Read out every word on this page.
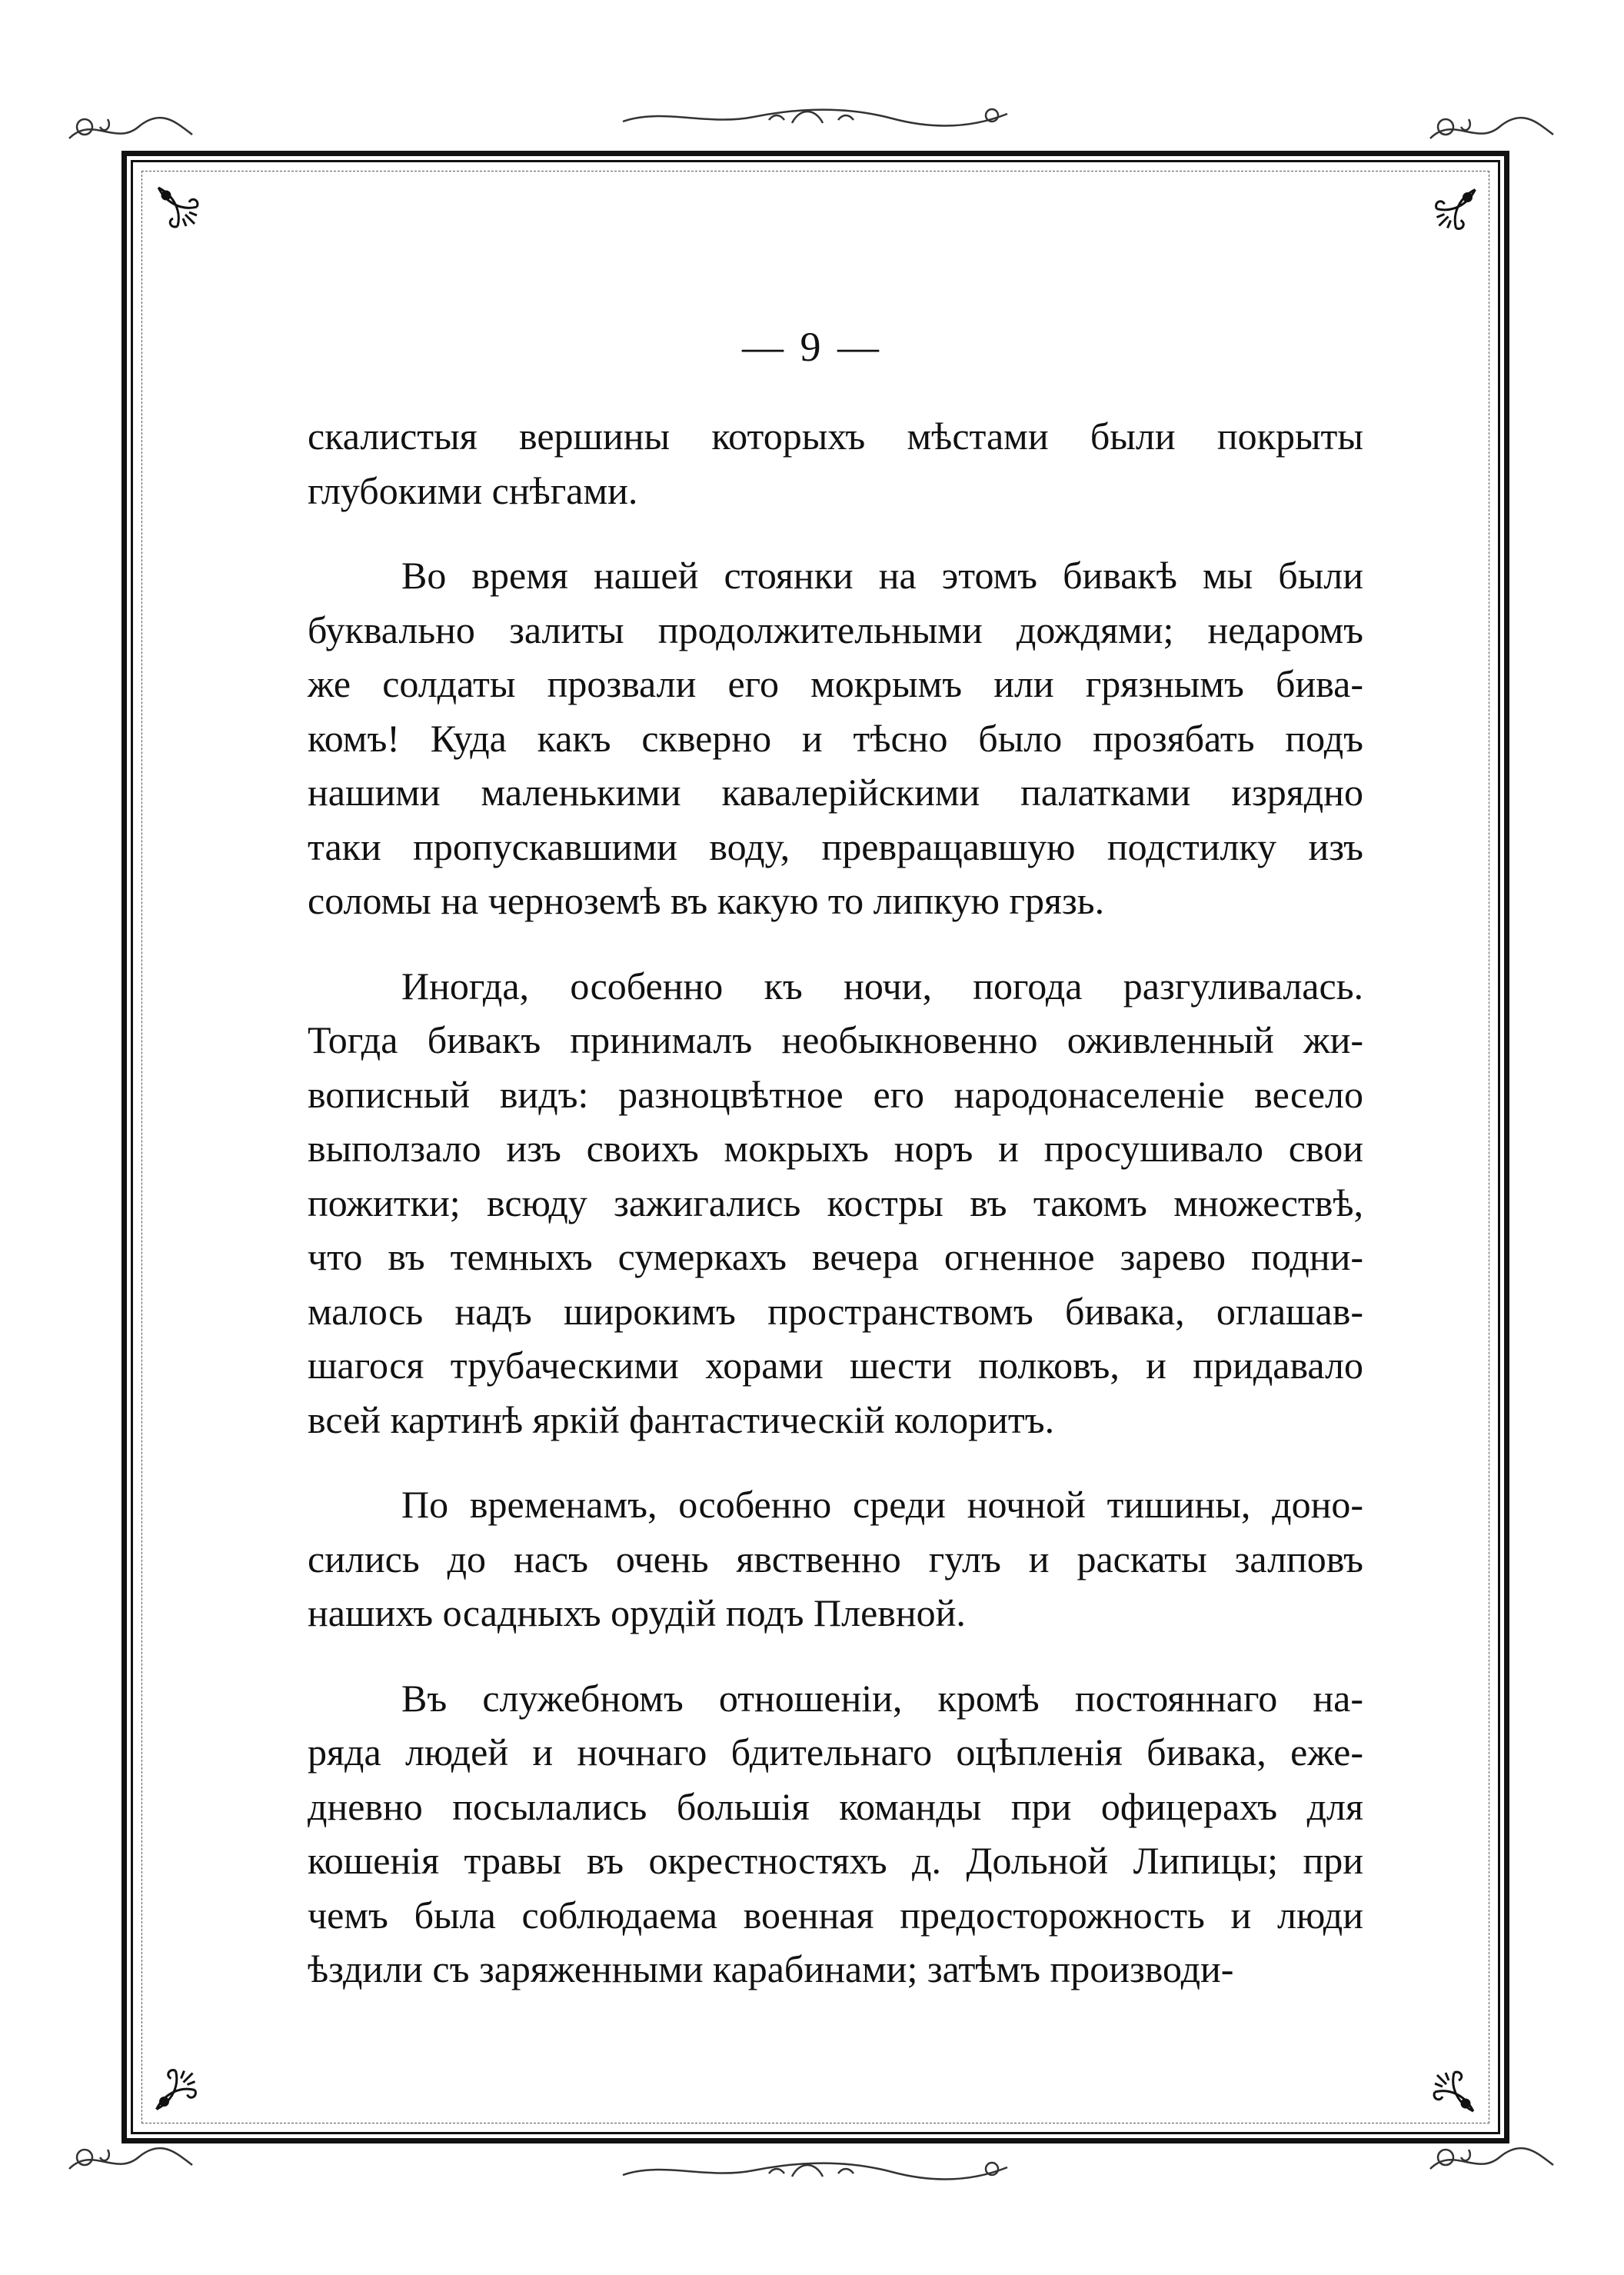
— 9 —
скалистыя вершины которыхъ мѣстами были покрыты
глубокими снѣгами.
Во время нашей стоянки на этомъ бивакѣ мы были
буквально залиты продолжительными дождями; недаромъ
же солдаты прозвали его мокрымъ или грязнымъ бива-
комъ! Куда какъ скверно и тѣсно было прозябать подъ
нашими маленькими кавалерійскими палатками изрядно
таки пропускавшими воду, превращавшую подстилку изъ
соломы на черноземѣ въ какую то липкую грязь.
Иногда, особенно къ ночи, погода разгуливалась.
Тогда бивакъ принималъ необыкновенно оживленный жи-
вописный видъ: разноцвѣтное его народонаселеніе весело
выползало изъ своихъ мокрыхъ норъ и просушивало свои
пожитки; всюду зажигались костры въ такомъ множествѣ,
что въ темныхъ сумеркахъ вечера огненное зарево подни-
малось надъ широкимъ пространствомъ бивака, оглашав-
шагося трубаческими хорами шести полковъ, и придавало
всей картинѣ яркій фантастическій колоритъ.
По временамъ, особенно среди ночной тишины, доно-
сились до насъ очень явственно гулъ и раскаты залповъ
нашихъ осадныхъ орудій подъ Плевной.
Въ служебномъ отношеніи, кромѣ постояннаго на-
ряда людей и ночнаго бдительнаго оцѣпленія бивака, еже-
дневно посылались большія команды при офицерахъ для
кошенія травы въ окрестностяхъ д. Дольной Липицы; при
чемъ была соблюдаема военная предосторожность и люди
ѣздили съ заряженными карабинами; затѣмъ производи-
